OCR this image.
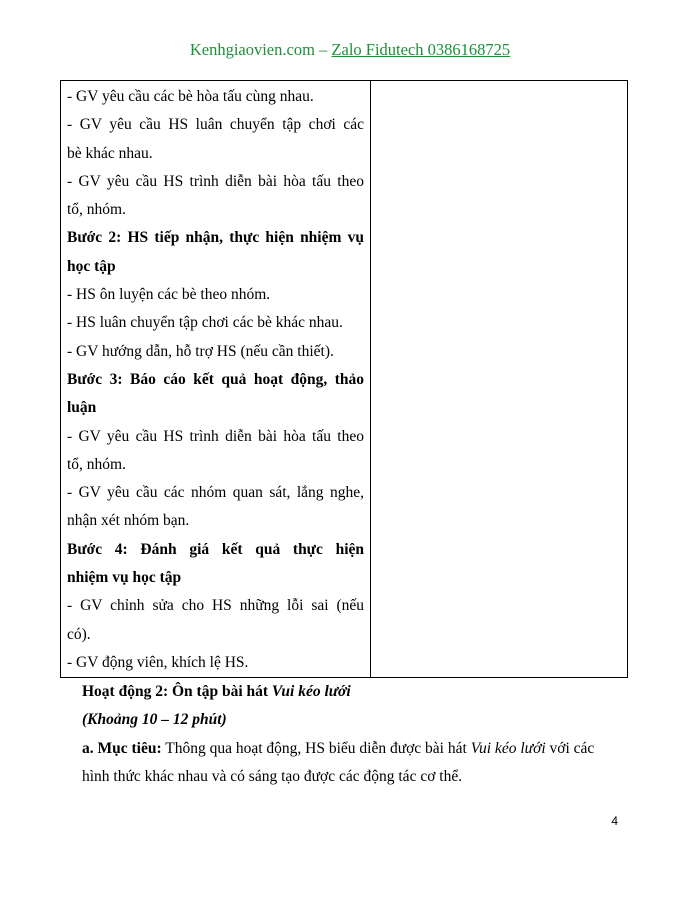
Kenhgiaovien.com – Zalo Fidutech 0386168725
- GV yêu cầu các bè hòa tấu cùng nhau.
- GV yêu cầu HS luân chuyển tập chơi các
bè khác nhau.
- GV yêu cầu HS trình diễn bài hòa tấu theo
tổ, nhóm.
Bước 2: HS tiếp nhận, thực hiện nhiệm vụ
học tập
- HS ôn luyện các bè theo nhóm.
- HS luân chuyển tập chơi các bè khác nhau.
- GV hướng dẫn, hỗ trợ HS (nếu cần thiết).
Bước 3: Báo cáo kết quả hoạt động, thảo
luận
- GV yêu cầu HS trình diễn bài hòa tấu theo
tổ, nhóm.
- GV yêu cầu các nhóm quan sát, lắng nghe,
nhận xét nhóm bạn.
Bước 4: Đánh giá kết quả thực hiện
nhiệm vụ học tập
- GV chỉnh sửa cho HS những lỗi sai (nếu
có).
- GV động viên, khích lệ HS.

Hoạt động 2: Ôn tập bài hát Vui kéo lưới
(Khoảng 10 – 12 phút)
a. Mục tiêu: Thông qua hoạt động, HS biểu diễn được bài hát Vui kéo lưới với các
hình thức khác nhau và có sáng tạo được các động tác cơ thể.
4
